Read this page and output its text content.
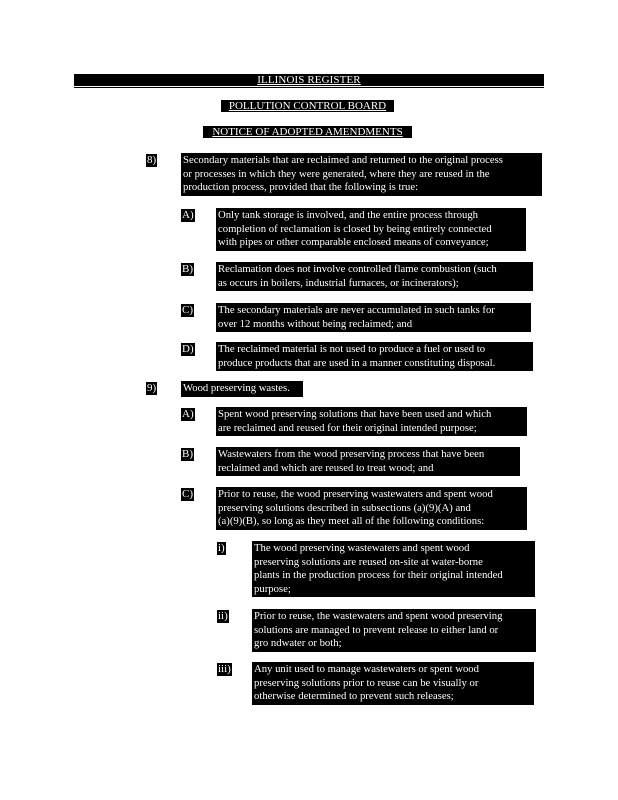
ILLINOIS REGISTER
POLLUTION CONTROL BOARD
NOTICE OF ADOPTED AMENDMENTS
8)	Secondary materials that are reclaimed and returned to the original process
or processes in which they were generated, where they are reused in the
production process, provided that the following is true:
A) Only tank storage is involved, and the entire process through
completion of reclamation is closed by being entirely connected
with pipes or other comparable enclosed means of conveyance;
B) Reclamation does not involve controlled flame combustion (such
as occurs in boilers, industrial furnaces, or incinerators);
C) The secondary materials are never accumulated in such tanks for
over 12 months without being reclaimed; and
D) The reclaimed material is not used to produce a fuel or used to
produce products that are used in a manner constituting disposal.
9)	Wood preserving wastes.
A) Spent wood preserving solutions that have been used and which
are reclaimed and reused for their original intended purpose;
B) Wastewaters from the wood preserving process that have been
reclaimed and which are reused to treat wood; and
C) Prior to reuse, the wood preserving wastewaters and spent wood
preserving solutions described in subsections (a)(9)(A) and
(a)(9)(B), so long as they meet all of the following conditions:
i)	The wood preserving wastewaters and spent wood
preserving solutions are reused on-site at water-borne
plants in the production process for their original intended
purpose;
ii) Prior to reuse, the wastewaters and spent wood preserving
solutions are managed to prevent release to either land or
gro ndwater or both;
iii) Any unit used to manage wastewaters or spent wood
preserving solutions prior to reuse can be visually or
otherwise determined to prevent such releases;
